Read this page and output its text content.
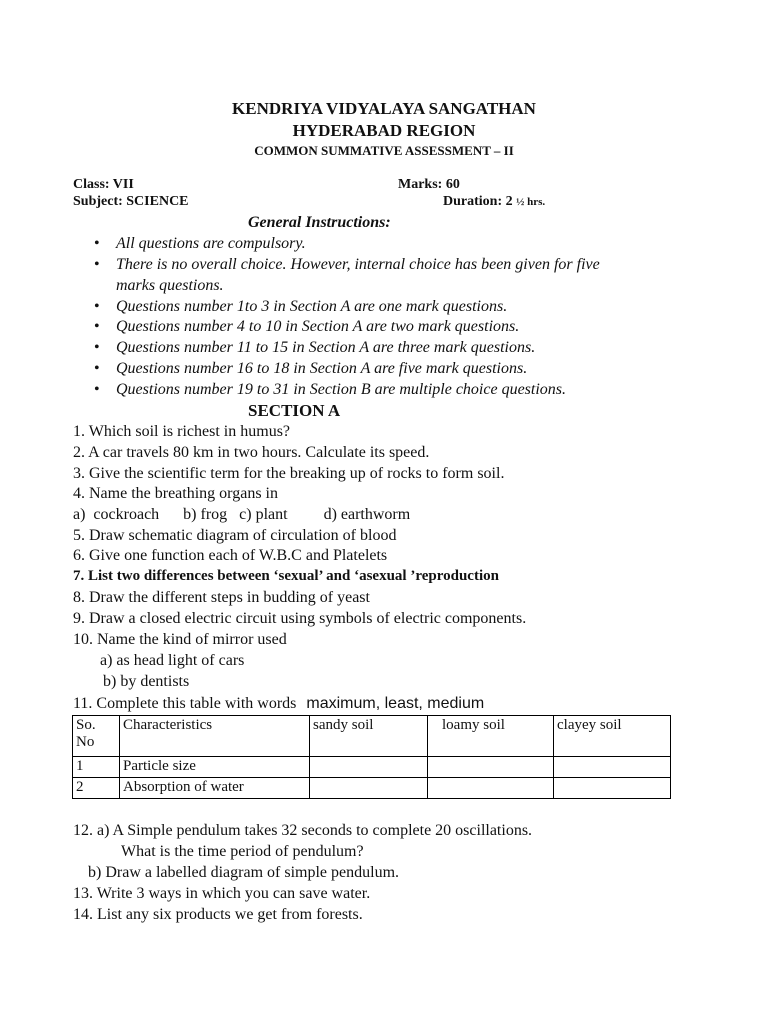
KENDRIYA VIDYALAYA SANGATHAN
HYDERABAD REGION
COMMON SUMMATIVE ASSESSMENT – II
Class: VII	Marks: 60
Subject: SCIENCE	Duration: 2 ½ hrs.
General Instructions:
• All questions are compulsory.
• There is no overall choice. However, internal choice has been given for five
marks questions.
• Questions number 1to 3 in Section A are one mark questions.
• Questions number 4 to 10 in Section A are two mark questions.
• Questions number 11 to 15 in Section A are three mark questions.
• Questions number 16 to 18 in Section A are five mark questions.
• Questions number 19 to 31 in Section B are multiple choice questions.
SECTION A
1. Which soil is richest in humus?
2. A car travels 80 km in two hours. Calculate its speed.
3. Give the scientific term for the breaking up of rocks to form soil.
4. Name the breathing organs in
a)  cockroach      b) frog   c) plant         d) earthworm
5. Draw schematic diagram of circulation of blood
6. Give one function each of W.B.C and Platelets
7. List two differences between ‘sexual’ and ‘asexual ’reproduction
8. Draw the different steps in budding of yeast
9. Draw a closed electric circuit using symbols of electric components.
10. Name the kind of mirror used
a) as head light of cars
b) by dentists
11. Complete this table with words maximum, least, medium
So. No	Characteristics	sandy soil	loamy soil	clayey soil
1	Particle size			
2	Absorption of water			
12. a) A Simple pendulum takes 32 seconds to complete 20 oscillations.
What is the time period of pendulum?
b) Draw a labelled diagram of simple pendulum.
13. Write 3 ways in which you can save water.
14. List any six products we get from forests.
